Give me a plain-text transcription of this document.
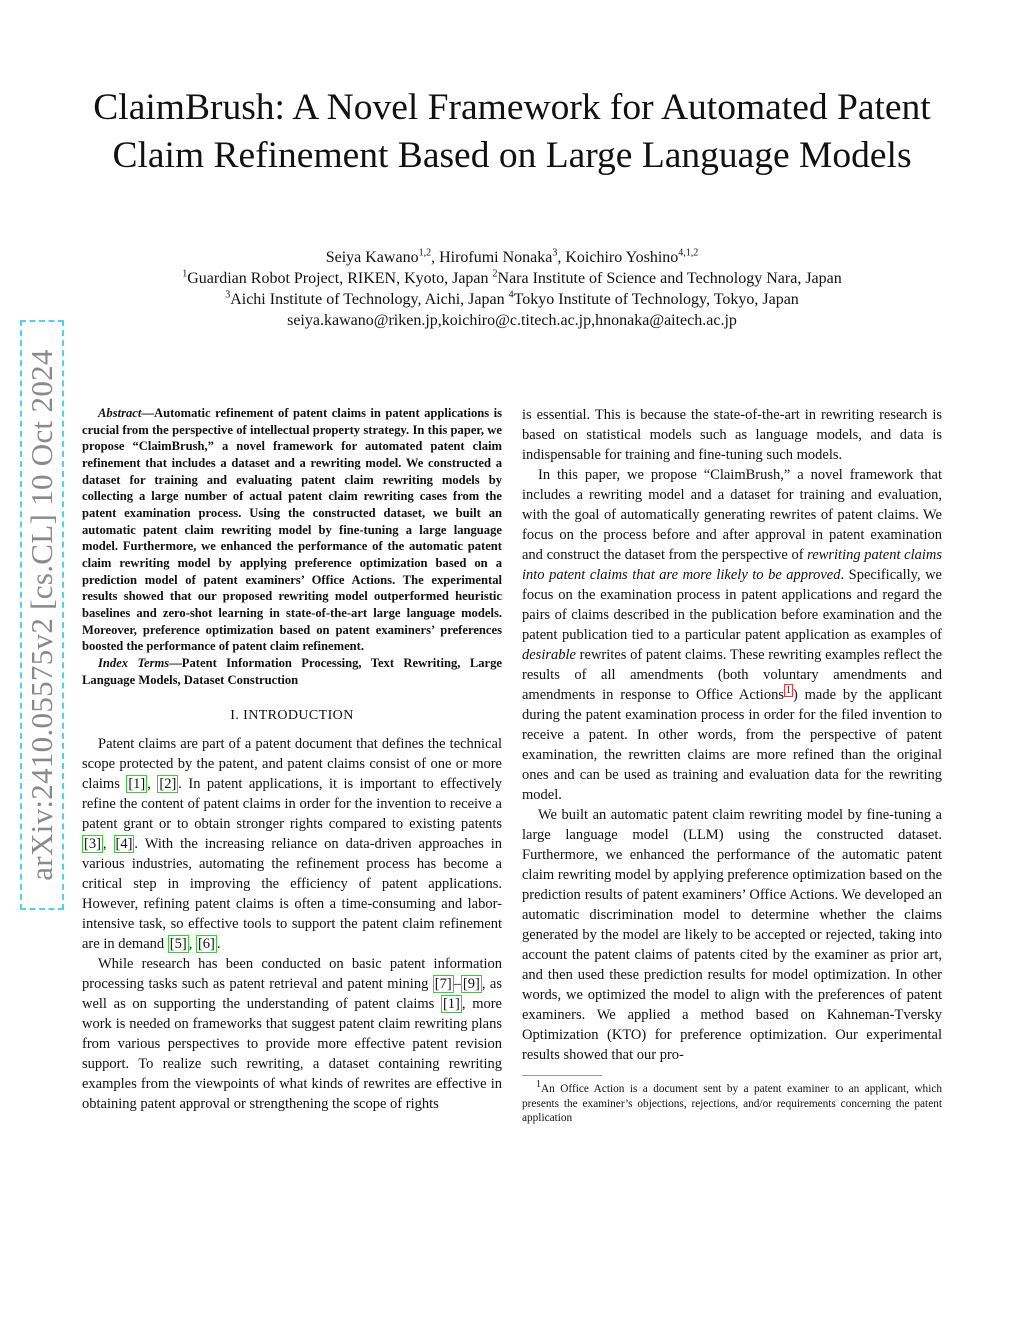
arXiv:2410.05575v2 [cs.CL] 10 Oct 2024
ClaimBrush: A Novel Framework for Automated Patent Claim Refinement Based on Large Language Models
Seiya Kawano$^{1,2}$, Hirofumi Nonaka$^3$, Koichiro Yoshino$^{4,1,2}$
$^1$Guardian Robot Project, RIKEN, Kyoto, Japan $^2$Nara Institute of Science and Technology Nara, Japan
$^3$Aichi Institute of Technology, Aichi, Japan $^4$Tokyo Institute of Technology, Tokyo, Japan
seiya.kawano@riken.jp,koichiro@c.titech.ac.jp,hnonaka@aitech.ac.jp

Abstract—Automatic refinement of patent claims in patent applications is crucial from the perspective of intellectual property strategy. In this paper, we propose “ClaimBrush,” a novel framework for automated patent claim refinement that includes a dataset and a rewriting model. We constructed a dataset for training and evaluating patent claim rewriting models by collecting a large number of actual patent claim rewriting cases from the patent examination process. Using the constructed dataset, we built an automatic patent claim rewriting model by fine-tuning a large language model. Furthermore, we enhanced the performance of the automatic patent claim rewriting model by applying preference optimization based on a prediction model of patent examiners’ Office Actions. The experimental results showed that our proposed rewriting model outperformed heuristic baselines and zero-shot learning in state-of-the-art large language models. Moreover, preference optimization based on patent examiners’ preferences boosted the performance of patent claim refinement.

Index Terms—Patent Information Processing, Text Rewriting, Large Language Models, Dataset Construction

I. INTRODUCTION

Patent claims are part of a patent document that defines the technical scope protected by the patent, and patent claims consist of one or more claims [1] , [2] . In patent applications, it is important to effectively refine the content of patent claims in order for the invention to receive a patent grant or to obtain stronger rights compared to existing patents [3] , [4] . With the increasing reliance on data-driven approaches in various industries, automating the refinement process has become a critical step in improving the efficiency of patent applications. However, refining patent claims is often a time-consuming and labor-intensive task, so effective tools to support the patent claim refinement are in demand [5] , [6] .

While research has been conducted on basic patent information processing tasks such as patent retrieval and patent mining [7] – [9] , as well as on supporting the understanding of patent claims [1] , more work is needed on frameworks that suggest patent claim rewriting plans from various perspectives to provide more effective patent revision support. To realize such rewriting, a dataset containing rewriting examples from the viewpoints of what kinds of rewrites are effective in obtaining patent approval or strengthening the scope of rights

is essential. This is because the state-of-the-art in rewriting research is based on statistical models such as language models, and data is indispensable for training and fine-tuning such models.

In this paper, we propose “ClaimBrush,” a novel framework that includes a rewriting model and a dataset for training and evaluation, with the goal of automatically generating rewrites of patent claims. We focus on the process before and after approval in patent examination and construct the dataset from the perspective of rewriting patent claims into patent claims that are more likely to be approved. Specifically, we focus on the examination process in patent applications and regard the pairs of claims described in the publication before examination and the patent publication tied to a particular patent application as examples of desirable rewrites of patent claims. These rewriting examples reflect the results of all amendments (both voluntary amendments and amendments in response to Office Actions $^1$ ) made by the applicant during the patent examination process in order for the filed invention to receive a patent. In other words, from the perspective of patent examination, the rewritten claims are more refined than the original ones and can be used as training and evaluation data for the rewriting model.

We built an automatic patent claim rewriting model by fine-tuning a large language model (LLM) using the constructed dataset. Furthermore, we enhanced the performance of the automatic patent claim rewriting model by applying preference optimization based on the prediction results of patent examiners’ Office Actions. We developed an automatic discrimination model to determine whether the claims generated by the model are likely to be accepted or rejected, taking into account the patent claims of patents cited by the examiner as prior art, and then used these prediction results for model optimization. In other words, we optimized the model to align with the preferences of patent examiners. We applied a method based on Kahneman-Tversky Optimization (KTO) for preference optimization. Our experimental results showed that our pro-

$^1$An Office Action is a document sent by a patent examiner to an applicant, which presents the examiner’s objections, rejections, and/or requirements concerning the patent application
